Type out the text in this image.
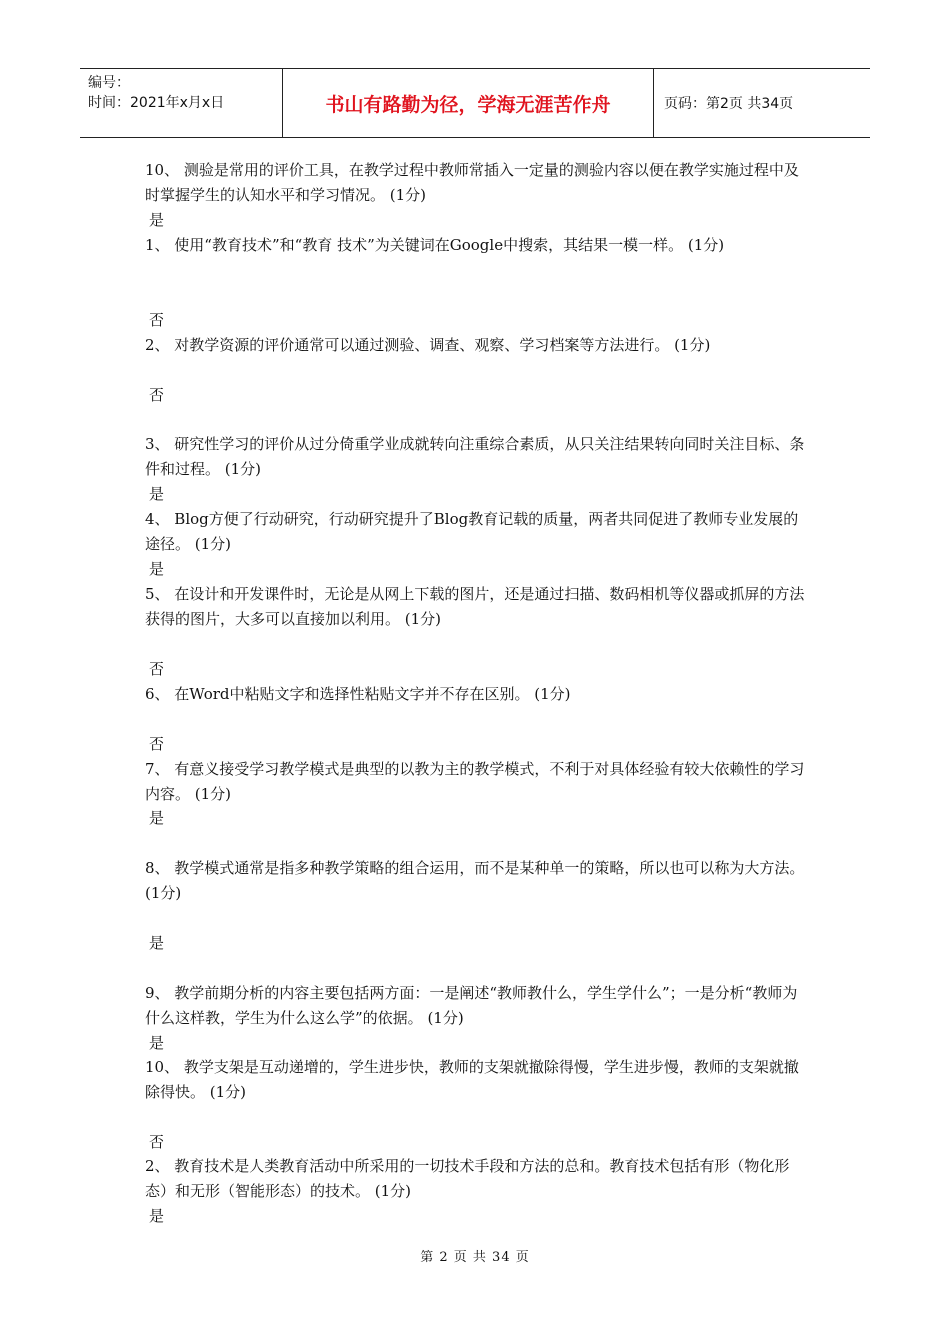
编号：
时间：2021年x月x日	书山有路勤为径，学海无涯苦作舟	页码：第2页 共34页
10、 测验是常用的评价工具，在教学过程中教师常插入一定量的测验内容以便在教学实施过程中及时掌握学生的认知水平和学习情况。 (1分)
是
1、 使用“教育技术”和“教育 技术”为关键词在Google中搜索，其结果一模一样。 (1分)
否
2、 对教学资源的评价通常可以通过测验、调查、观察、学习档案等方法进行。 (1分)
否
3、 研究性学习的评价从过分倚重学业成就转向注重综合素质，从只关注结果转向同时关注目标、条件和过程。 (1分)
是
4、 Blog方便了行动研究，行动研究提升了Blog教育记载的质量，两者共同促进了教师专业发展的途径。 (1分)
是
5、 在设计和开发课件时，无论是从网上下载的图片，还是通过扫描、数码相机等仪器或抓屏的方法获得的图片，大多可以直接加以利用。 (1分)
否
6、 在Word中粘贴文字和选择性粘贴文字并不存在区别。 (1分)
否
7、 有意义接受学习教学模式是典型的以教为主的教学模式，不利于对具体经验有较大依赖性的学习内容。 (1分)
是
8、 教学模式通常是指多种教学策略的组合运用，而不是某种单一的策略，所以也可以称为大方法。 (1分)
是
9、 教学前期分析的内容主要包括两方面：一是阐述“教师教什么，学生学什么”；一是分析“教师为什么这样教，学生为什么这么学”的依据。 (1分)
是
10、 教学支架是互动递增的，学生进步快，教师的支架就撤除得慢，学生进步慢，教师的支架就撤除得快。 (1分)
否
2、 教育技术是人类教育活动中所采用的一切技术手段和方法的总和。教育技术包括有形（物化形态）和无形（智能形态）的技术。 (1分)
是
第 2 页 共 34 页
